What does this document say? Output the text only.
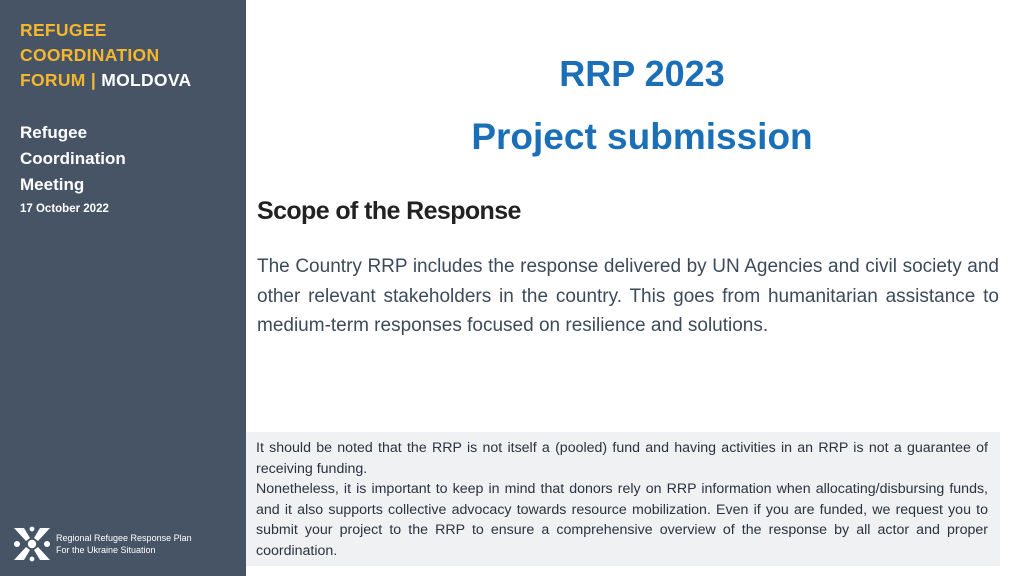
REFUGEE
COORDINATION
FORUM | MOLDOVA
Refugee
Coordination
Meeting
17 October 2022
Regional Refugee Response Plan
For the Ukraine Situation
RRP 2023
Project submission
Scope of the Response

The Country RRP includes the response delivered by UN Agencies and civil society and other relevant stakeholders in the country. This goes from humanitarian assistance to medium-term responses focused on resilience and solutions.

It should be noted that the RRP is not itself a (pooled) fund and having activities in an RRP is not a guarantee of receiving funding.

Nonetheless, it is important to keep in mind that donors rely on RRP information when allocating/disbursing funds, and it also supports collective advocacy towards resource mobilization. Even if you are funded, we request you to submit your project to the RRP to ensure a comprehensive overview of the response by all actor and proper coordination.
